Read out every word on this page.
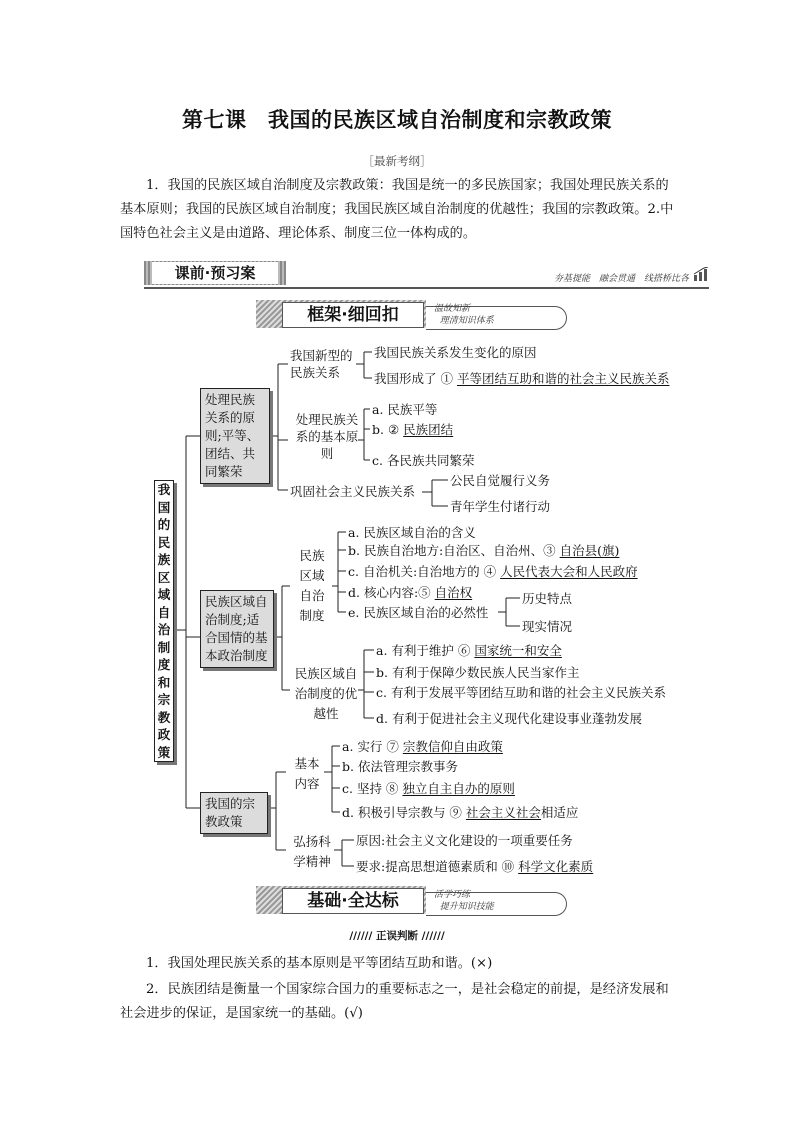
第七课　我国的民族区域自治制度和宗教政策
［最新考纲］
1．我国的民族区域自治制度及宗教政策：我国是统一的多民族国家；我国处理民族关系的基本原则；我国的民族区域自治制度；我国民族区域自治制度的优越性；我国的宗教政策。2.中国特色社会主义是由道路、理论体系、制度三位一体构成的。
课前·预习案	夯基提能　融会贯通　线搭桥比各
框架·细回扣	温故知新
理清知识体系
我国的民族区域自治制度和宗教政策
处理民族关系的原则;平等、团结、共同繁荣
民族区域自治制度;适合国情的基本政治制度
我国的宗教政策
我国新型的民族关系
我国民族关系发生变化的原因
我国形成了 ① 平等团结互助和谐的社会主义民族关系
处理民族关系的基本原则
a. 民族平等
b. ② 民族团结
c. 各民族共同繁荣
巩固社会主义民族关系
公民自觉履行义务
青年学生付诸行动
民族区域自治制度
a. 民族区域自治的含义
b. 民族自治地方:自治区、自治州、③ 自治县(旗)
c. 自治机关:自治地方的 ④ 人民代表大会和人民政府
d. 核心内容:⑤ 自治权
e. 民族区域自治的必然性
历史特点
现实情况
民族区域自治制度的优越性
a. 有利于维护 ⑥ 国家统一和安全
b. 有利于保障少数民族人民当家作主
c. 有利于发展平等团结互助和谐的社会主义民族关系
d. 有利于促进社会主义现代化建设事业蓬勃发展
基本内容
a. 实行 ⑦ 宗教信仰自由政策
b. 依法管理宗教事务
c. 坚持 ⑧ 独立自主自办的原则
d. 积极引导宗教与 ⑨ 社会主义社会相适应
弘扬科学精神
原因:社会主义文化建设的一项重要任务
要求:提高思想道德素质和 ⑩ 科学文化素质
基础·全达标	活学巧练
提升知识技能
////// 正误判断 //////
1．我国处理民族关系的基本原则是平等团结互助和谐。(×)
2．民族团结是衡量一个国家综合国力的重要标志之一，是社会稳定的前提，是经济发展和社会进步的保证，是国家统一的基础。(√)
